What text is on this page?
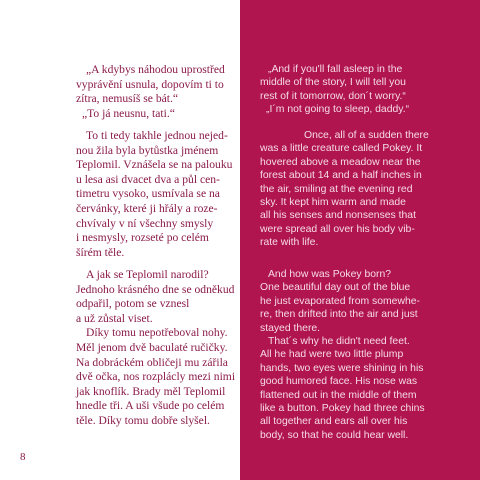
„A kdybys náhodou uprostřed
vyprávění usnula, dopovím ti to
zítra, nemusíš se bát.“
„To já neusnu, tati.“

To ti tedy takhle jednou nejed-
nou žila byla bytůstka jménem
Teplomil. Vznášela se na palouku
u lesa asi dvacet dva a půl cen-
timetru vysoko, usmívala se na
červánky, které ji hřály a roze-
chvívaly v ní všechny smysly
i nesmysly, rozseté po celém
šírém těle.

A jak se Teplomil narodil?
Jednoho krásného dne se odněkud
odpařil, potom se vznesl
a už zůstal viset.
Díky tomu nepotřeboval nohy.
Měl jenom dvě baculaté ručičky.
Na dobráckém obličeji mu zářila
dvě očka, nos rozplácly mezi nimi
jak knoflík. Brady měl Teplomil
hnedle tři. A uši všude po celém
těle. Díky tomu dobře slyšel.

„And if you'll fall asleep in the
middle of the story, I will tell you
rest of it tomorrow, don´t worry.“
„I´m not going to sleep, daddy.“

Once, all of a sudden there
was a little creature called Pokey. It
hovered above a meadow near the
forest about 14 and a half inches in
the air, smiling at the evening red
sky. It kept him warm and made
all his senses and nonsenses that
were spread all over his body vib-
rate with life.

And how was Pokey born?
One beautiful day out of the blue
he just evaporated from somewhe-
re, then drifted into the air and just
stayed there.
That´s why he didn't need feet.
All he had were two little plump
hands, two eyes were shining in his
good humored face. His nose was
flattened out in the middle of them
like a button. Pokey had three chins
all together and ears all over his
body, so that he could hear well.

8
